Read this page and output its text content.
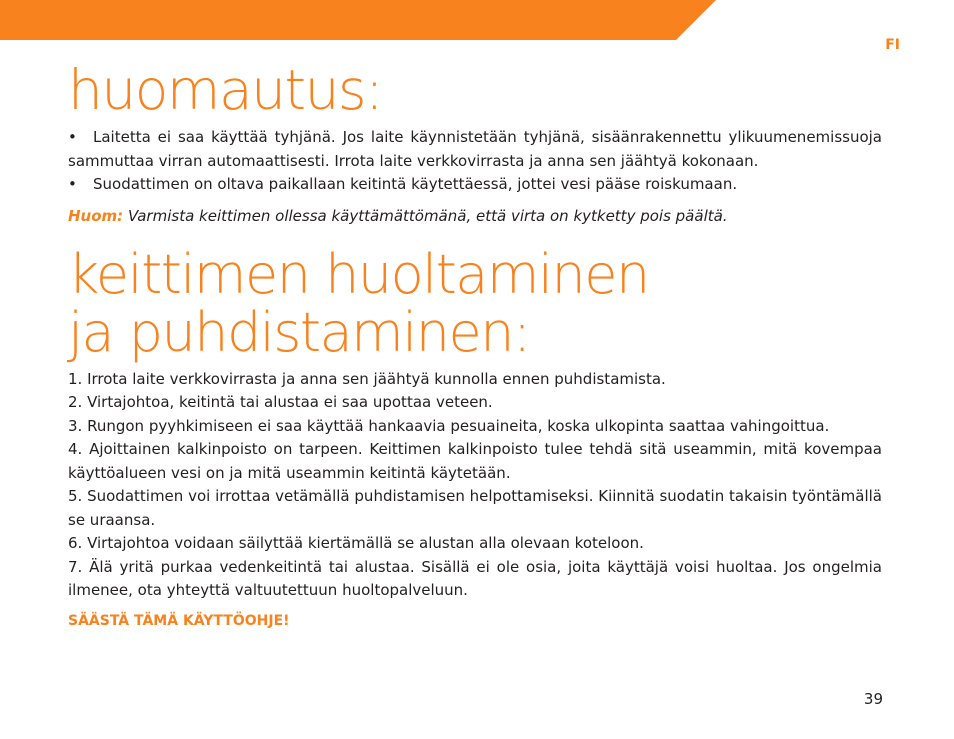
FI
huomautus:
• Laitetta ei saa käyttää tyhjänä. Jos laite käynnistetään tyhjänä, sisäänrakennettu ylikuumenemissuoja sammuttaa virran automaattisesti. Irrota laite verkkovirrasta ja anna sen jäähtyä kokonaan.
• Suodattimen on oltava paikallaan keitintä käytettäessä, jottei vesi pääse roiskumaan.

Huom: Varmista keittimen ollessa käyttämättömänä, että virta on kytketty pois päältä.

keittimen huoltaminen
ja puhdistaminen:
1. Irrota laite verkkovirrasta ja anna sen jäähtyä kunnolla ennen puhdistamista.
2. Virtajohtoa, keitintä tai alustaa ei saa upottaa veteen.
3. Rungon pyyhkimiseen ei saa käyttää hankaavia pesuaineita, koska ulkopinta saattaa vahingoittua.
4. Ajoittainen kalkinpoisto on tarpeen. Keittimen kalkinpoisto tulee tehdä sitä useammin, mitä kovempaa käyttöalueen vesi on ja mitä useammin keitintä käytetään.
5. Suodattimen voi irrottaa vetämällä puhdistamisen helpottamiseksi. Kiinnitä suodatin takaisin työntämällä se uraansa.
6. Virtajohtoa voidaan säilyttää kiertämällä se alustan alla olevaan koteloon.
7. Älä yritä purkaa vedenkeitintä tai alustaa. Sisällä ei ole osia, joita käyttäjä voisi huoltaa. Jos ongelmia ilmenee, ota yhteyttä valtuutettuun huoltopalveluun.

SÄÄSTÄ TÄMÄ KÄYTTÖOHJE!

39
